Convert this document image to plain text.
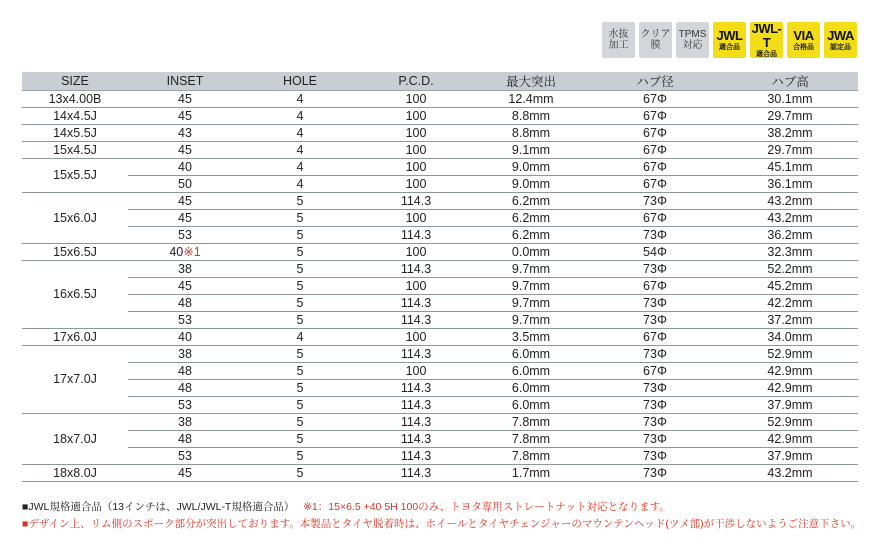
水抜
加工
クリア
膜
TPMS
対応
JWL
適合品
JWL-T
適合品
VIA
合格品
JWA
認定品
SIZE	INSET	HOLE	P.C.D.	最大突出	ハブ径	ハブ高
13x4.00B	45	4	100	12.4mm	67Φ	30.1mm
14x4.5J	45	4	100	8.8mm	67Φ	29.7mm
14x5.5J	43	4	100	8.8mm	67Φ	38.2mm
15x4.5J	45	4	100	9.1mm	67Φ	29.7mm
15x5.5J	40	4	100	9.0mm	67Φ	45.1mm
	50	4	100	9.0mm	67Φ	36.1mm
15x6.0J	45	5	114.3	6.2mm	73Φ	43.2mm
	45	5	100	6.2mm	67Φ	43.2mm
	53	5	114.3	6.2mm	73Φ	36.2mm
15x6.5J	40※1	5	100	0.0mm	54Φ	32.3mm
16x6.5J	38	5	114.3	9.7mm	73Φ	52.2mm
	45	5	100	9.7mm	67Φ	45.2mm
	48	5	114.3	9.7mm	73Φ	42.2mm
	53	5	114.3	9.7mm	73Φ	37.2mm
17x6.0J	40	4	100	3.5mm	67Φ	34.0mm
17x7.0J	38	5	114.3	6.0mm	73Φ	52.9mm
	48	5	100	6.0mm	67Φ	42.9mm
	48	5	114.3	6.0mm	73Φ	42.9mm
	53	5	114.3	6.0mm	73Φ	37.9mm
18x7.0J	38	5	114.3	7.8mm	73Φ	52.9mm
	48	5	114.3	7.8mm	73Φ	42.9mm
	53	5	114.3	7.8mm	73Φ	37.9mm
18x8.0J	45	5	114.3	1.7mm	73Φ	43.2mm
■JWL規格適合品（13インチは、JWL/JWL-T規格適合品） ※1：15×6.5 +40 5H 100のみ、トヨタ専用ストレートナット対応となります。
■デザイン上、リム側のスポーク部分が突出しております。本製品とタイヤ脱着時は、ホイールとタイヤチェンジャーのマウンテンヘッド(ツメ部)が干渉しないようご注意下さい。
